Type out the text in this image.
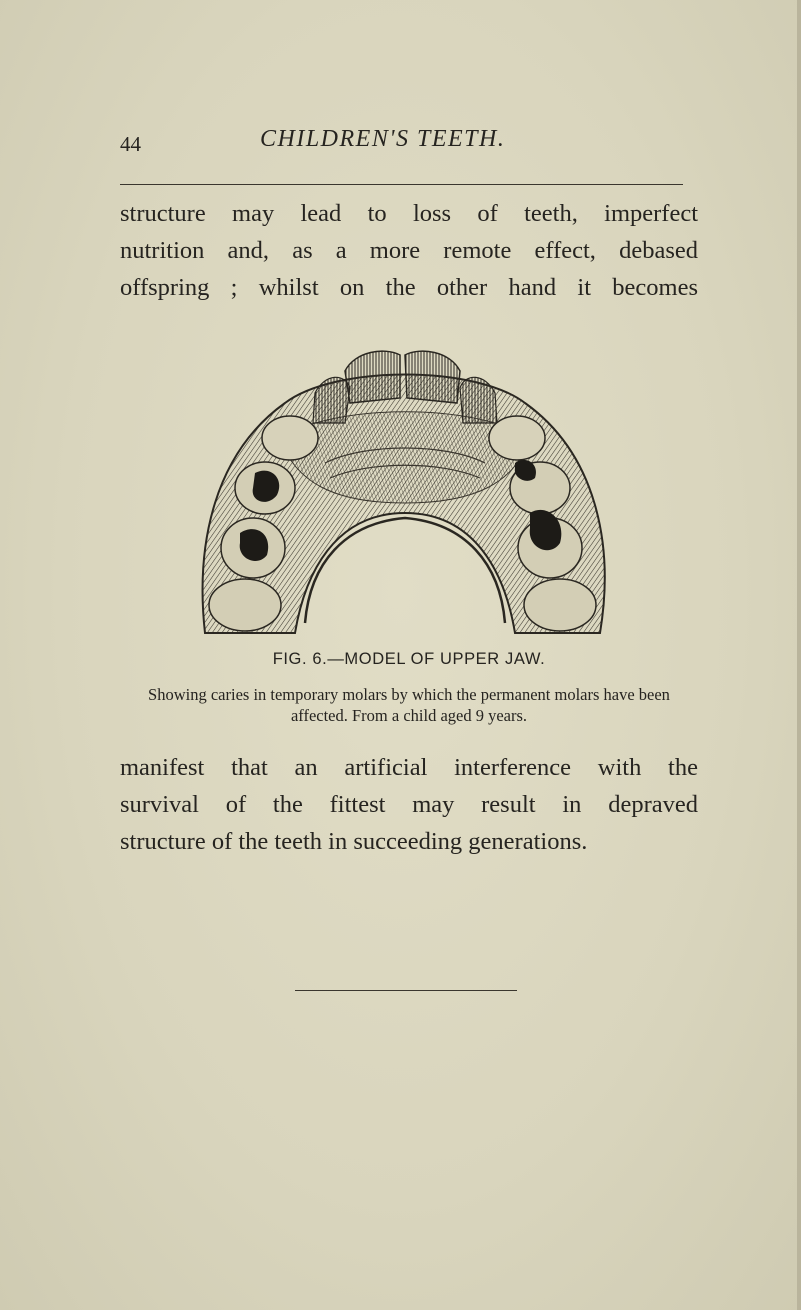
44	CHILDREN'S TEETH.

structure may lead to loss of teeth, imperfect
nutrition and, as a more remote effect, debased
offspring ; whilst on the other hand it becomes

FIG. 6.—MODEL OF UPPER JAW.

Showing caries in temporary molars by which the permanent molars have been affected. From a child aged 9 years.

manifest that an artificial interference with the
survival of the fittest may result in depraved
structure of the teeth in succeeding generations.
